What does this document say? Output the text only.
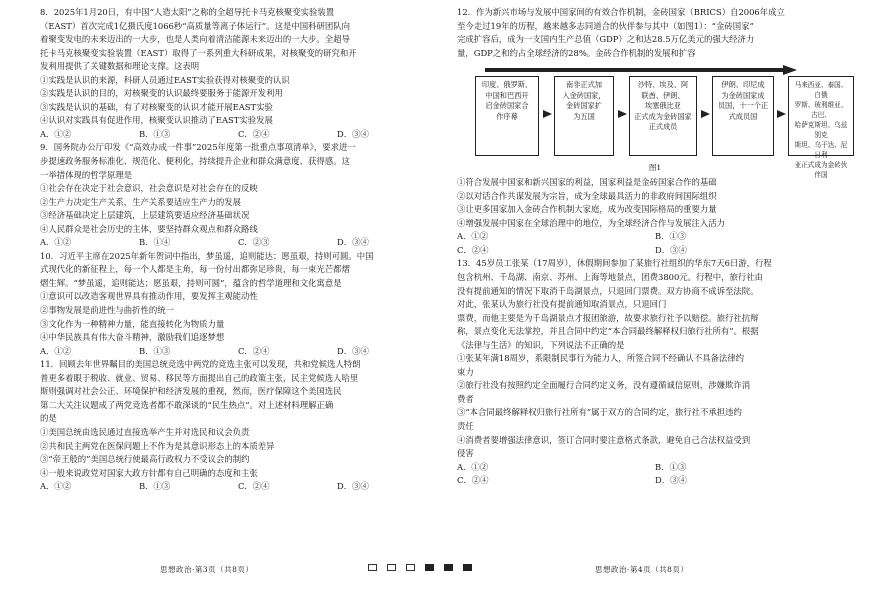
8．2025年1月20日，有中国“人造太阳”之称的全超导托卡马克核聚变实验装置

（EAST）首次完成1亿摄氏度1066秒“高质量等离子体运行”。这是中国科研团队向

着聚变发电的未来迈出的一大步，也是人类向着清洁能源未来迈出的一大步。全超导

托卡马克核聚变实验装置（EAST）取得了一系列重大科研成果，对核聚变的研究和开

发利用提供了关键数据和理论支撑。这表明

①实践是认识的来源，科研人员通过EAST实验获得对核聚变的认识

②实践是认识的目的，对核聚变的认识最终要服务于能源开发利用

③实践是认识的基础，有了对核聚变的认识才能开展EAST实验

④认识对实践具有促进作用，核聚变认识推动了EAST实验发展

A．①②	B．①③	C．②④	D．③④

9．国务院办公厅印发《“高效办成一件事”2025年度第一批重点事项清单》，要求进一

步提速政务服务标准化、规范化、便利化，持续提升企业和群众满意度、获得感。这

一举措体现的哲学原理是

①社会存在决定于社会意识，社会意识是对社会存在的反映

②生产力决定生产关系，生产关系要适应生产力的发展

③经济基础决定上层建筑，上层建筑要适应经济基础状况

④人民群众是社会历史的主体，要坚持群众观点和群众路线

A．①②	B．①④	C．②③	D．③④

10．习近平主席在2025年新年贺词中指出，梦虽遥，追则能达；愿虽艰，持则可圆。中国

式现代化的新征程上，每一个人都是主角，每一份付出都弥足珍贵，每一束光芒都熠

熠生辉。“梦虽遥，追则能达；愿虽艰，持则可圆”，蕴含的哲学道理和文化寓意是

①意识可以改造客观世界具有推动作用，要发挥主观能动性

②事物发展是前进性与曲折性的统一

③文化作为一种精神力量，能直接转化为物质力量

④中华民族具有伟大奋斗精神，激励我们追逐梦想

A．①②	B．①③	C．②④	D．③④

11．回顾去年世界瞩目的美国总统竞选中两党的竞选主张可以发现，共和党候选人特朗

普更多着眼于税收、就业、贸易、移民等方面提出自己的政策主张，民主党候选人哈里

斯则强调对社会公正、环境保护和经济发展的重视，然而，医疗保障这个美国选民

第二大关注议题成了两党竞选者都不敢深谈的“民生热点”。对上述材料理解正确

的是

①美国总统由选民通过直接选举产生并对选民和议会负责

②共和民主两党在医保问题上不作为是其意识形态上的本质差异

③“帝王般的”美国总统行使最高行政权力不受议会的制约

④一般来说政党对国家大政方针都有自己明确的态度和主张

A．①②	B．①③	C．②④	D．③④

12．作为新兴市场与发展中国家间的有效合作机制，金砖国家（BRICS）自2006年成立

至今走过19年的历程，越来越多志同道合的伙伴参与其中（如图1）：“金砖国家”

完成扩容后，成为一支国内生产总值（GDP）之和达28.5万亿美元的强大经济力

量，GDP之和约占全球经济的28%。金砖合作机制的发展和扩容

印度、俄罗斯、
中国和巴西开
启金砖国家合
作序幕
南非正式加
入金砖国家，
金砖国家扩
为五国
沙特、埃及、阿
联酋、伊朗、
埃塞俄比亚
正式成为金砖国家
正式成员
伊朗、印尼成
为金砖国家成
员国，十一个正
式成员国
马来西亚、泰国、白俄
罗斯、玻利维亚、古巴、
哈萨克斯坦、乌兹别克
斯坦、乌干达、尼日利
亚正式成为金砖伙伴国
图1

①符合发展中国家和新兴国家的利益，国家利益是金砖国家合作的基础

②以对话合作共谋发展为宗旨，成为全球最具活力的非政府间国际组织

③让更多国家加入金砖合作机制大家庭，成为改变国际格局的重要力量

④增强发展中国家在全球治理中的地位，为全球经济合作与发展注入活力

A．①②	B．①③
C．②④	D．③④

13．45岁员工张某（17周岁），休假期间参加了某旅行社组织的华东7天6日游，行程

包含杭州、千岛湖、南京、苏州、上海等地景点，团费3800元。行程中，旅行社由

没有提前通知的情况下取消千岛湖景点，只退回门票费。双方协商不成诉至法院。

对此，张某认为旅行社没有提前通知取消景点，只退回门

票费，而他主要是为千岛湖景点才报团旅游，故要求旅行社予以赔偿。旅行社抗辩

称，景点变化无法掌控，并且合同中约定“本合同最终解释权归旅行社所有”。根据

《法律与生活》的知识，下列说法不正确的是

①张某年满18周岁，系限制民事行为能力人，所签合同不经确认不具备法律约

束力

②旅行社没有按照约定全面履行合同约定义务，没有遵循诚信原则，涉嫌欺诈消

费者

③“本合同最终解释权归旅行社所有”属于双方的合同约定，旅行社不承担违约

责任

④消费者要增强法律意识，签订合同时要注意格式条款，避免自己合法权益受到

侵害

A．①②	B．①③
C．②④	D．③④
思想政治·第3页（共8页）	思想政治·第4页（共8页）
